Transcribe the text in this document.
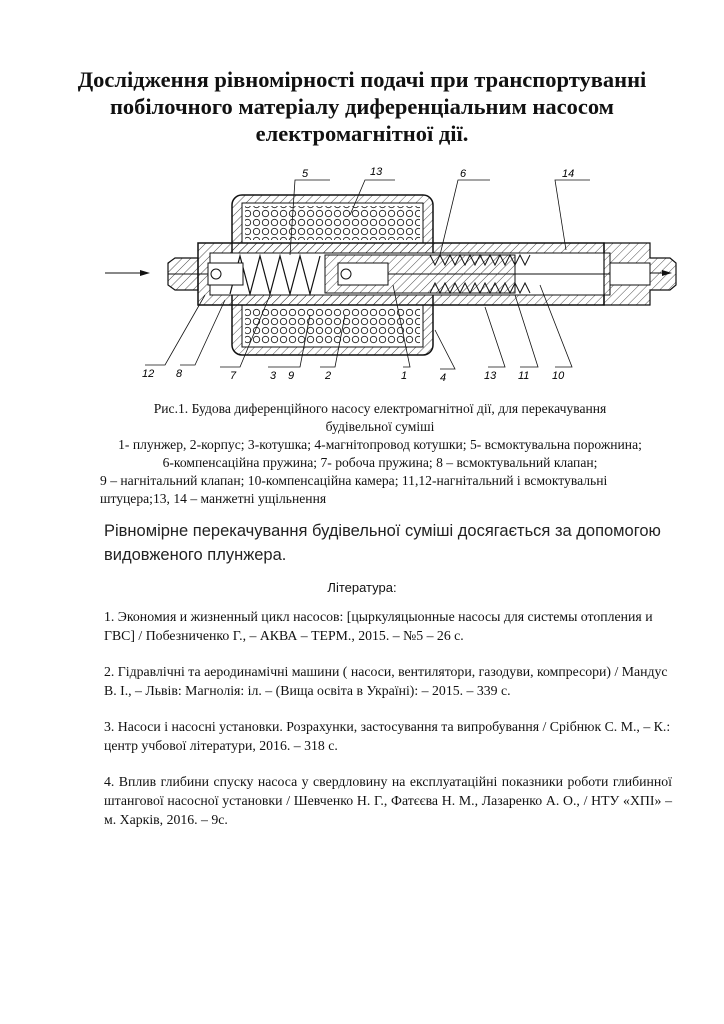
Дослідження рівномірності подачі при транспортуванні
побілочного матеріалу диференціальним насосом
електромагнітної дії.
5	13	6	14
12 8	7	3 9	2	1	4	13 11 10
Рис.1. Будова диференційного насосу електромагнітної дії, для перекачування
будівельної суміші
1- плунжер, 2-корпус; 3-котушка; 4-магнітопровод котушки; 5- всмоктувальна порожнина;
6-компенсаційна пружина; 7- робоча пружина; 8 – всмоктувальний клапан;
9 – нагнітальний клапан; 10-компенсаційна камера; 11,12-нагнітальний і всмоктувальні
штуцера;13, 14 – манжетні ущільнення
Рівномірне перекачування будівельної суміші досягається за допомогою видовженого плунжера.
Література:

1. Экономия и жизненный цикл насосов: [цыркуляцыонные насосы для системы отопления и ГВС] / Побезниченко Г., – АКВА – ТЕРМ., 2015. – №5 – 26 с.

2. Гідравлічні та аеродинамічні машини ( насоси, вентилятори, газодуви, компресори) / Мандус В. І., – Львів: Магнолія: іл. – (Вища освіта в Україні): – 2015. – 339 с.

3. Насоси і насосні установки. Розрахунки, застосування та випробування / Срібнюк С. М., – К.: центр учбової літератури, 2016. – 318 с.

4. Вплив глибини спуску насоса у свердловину на експлуатаційні показники роботи глибинної штангової насосної установки / Шевченко Н. Г., Фатєєва Н. М., Лазаренко А. О., / НТУ «ХПІ» – м. Харків, 2016. – 9с.
